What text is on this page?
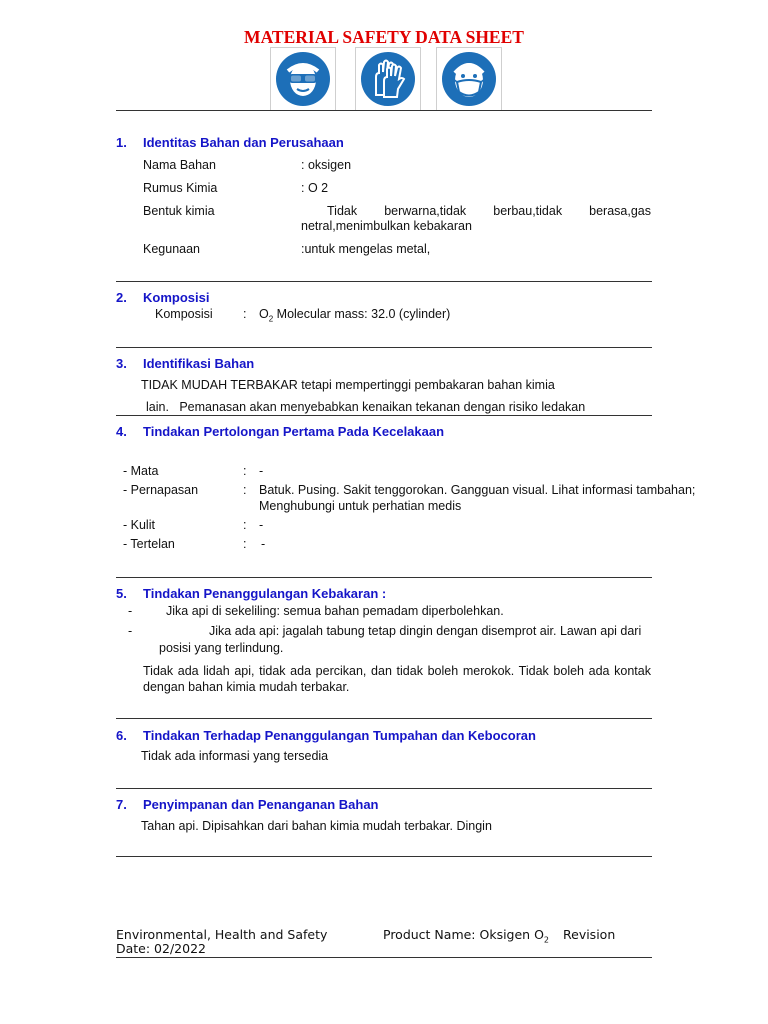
MATERIAL SAFETY DATA SHEET
1. Identitas Bahan dan Perusahaan
Nama Bahan	: oksigen
Rumus Kimia	: O 2
Bentuk kimia	Tidak berwarna,tidak berbau,tidak berasa,gas
netral,menimbulkan kebakaran
Kegunaan	:untuk mengelas metal,
2. Komposisi
Komposisi : $O_2$ Molecular mass: 32.0 (cylinder)
3. Identifikasi Bahan
TIDAK MUDAH TERBAKAR tetapi mempertinggi pembakaran bahan kimia
lain.   Pemanasan akan menyebabkan kenaikan tekanan dengan risiko ledakan
4. Tindakan Pertolongan Pertama Pada Kecelakaan
- Mata	: -
- Pernapasan	: Batuk. Pusing. Sakit tenggorokan. Gangguan visual. Lihat informasi tambahan;
Menghubungi untuk perhatian medis
- Kulit	: -
- Tertelan	: -
5. Tindakan Penanggulangan Kebakaran :
-	Jika api di sekeliling: semua bahan pemadam diperbolehkan.
-	Jika ada api: jagalah tabung tetap dingin dengan disemprot air. Lawan api dari
posisi yang terlindung.
Tidak ada lidah api, tidak ada percikan, dan tidak boleh merokok. Tidak boleh ada kontak
dengan bahan kimia mudah terbakar.
6. Tindakan Terhadap Penanggulangan Tumpahan dan Kebocoran
Tidak ada informasi yang tersedia
7. Penyimpanan dan Penanganan Bahan
Tahan api. Dipisahkan dari bahan kimia mudah terbakar. Dingin
Environmental, Health and Safety	Product Name: Oksigen $O_2$ Revision
Date: 02/2022
